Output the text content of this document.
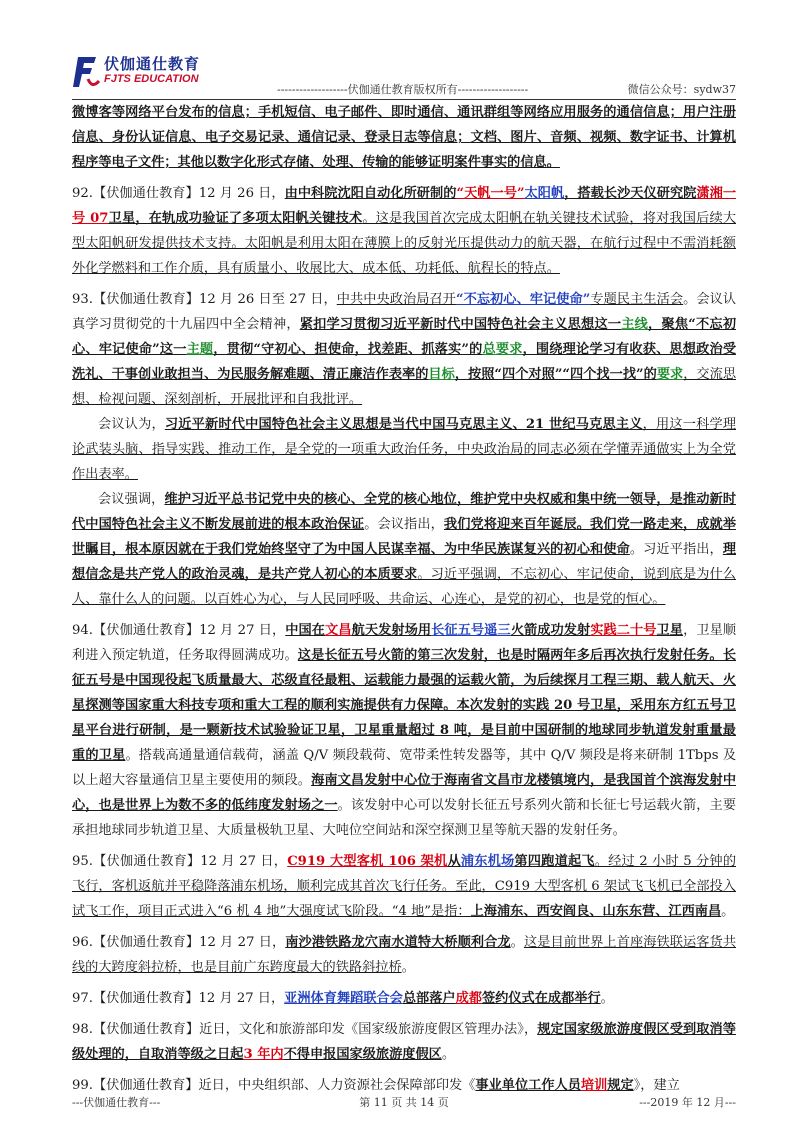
伏伽通仕教育
FJTS EDUCATION
-------------------伏伽通仕教育版权所有-------------------	微信公众号：sydw37

微博客等网络平台发布的信息；手机短信、电子邮件、即时通信、通讯群组等网络应用服务的通信信息；用户注册信息、身份认证信息、电子交易记录、通信记录、登录日志等信息；文档、图片、音频、视频、数字证书、计算机程序等电子文件；其他以数字化形式存储、处理、传输的能够证明案件事实的信息。

92.【伏伽通仕教育】12 月 26 日，由中科院沈阳自动化所研制的“天帆一号”太阳帆，搭载长沙天仪研究院潇湘一号 07卫星，在轨成功验证了多项太阳帆关键技术。这是我国首次完成太阳帆在轨关键技术试验，将对我国后续大型太阳帆研发提供技术支持。太阳帆是利用太阳在薄膜上的反射光压提供动力的航天器，在航行过程中不需消耗额外化学燃料和工作介质，具有质量小、收展比大、成本低、功耗低、航程长的特点。

93.【伏伽通仕教育】12 月 26 日至 27 日，中共中央政治局召开“不忘初心、牢记使命”专题民主生活会。会议认真学习贯彻党的十九届四中全会精神，紧扣学习贯彻习近平新时代中国特色社会主义思想这一主线，聚焦“不忘初心、牢记使命”这一主题，贯彻“守初心、担使命，找差距、抓落实”的总要求，围绕理论学习有收获、思想政治受洗礼、干事创业敢担当、为民服务解难题、清正廉洁作表率的目标，按照“四个对照”“四个找一找”的要求，交流思想、检视问题、深刻剖析，开展批评和自我批评。

会议认为，习近平新时代中国特色社会主义思想是当代中国马克思主义、21 世纪马克思主义，用这一科学理论武装头脑、指导实践、推动工作，是全党的一项重大政治任务，中央政治局的同志必须在学懂弄通做实上为全党作出表率。

会议强调，维护习近平总书记党中央的核心、全党的核心地位，维护党中央权威和集中统一领导，是推动新时代中国特色社会主义不断发展前进的根本政治保证。会议指出，我们党将迎来百年诞辰。我们党一路走来，成就举世瞩目，根本原因就在于我们党始终坚守了为中国人民谋幸福、为中华民族谋复兴的初心和使命。习近平指出，理想信念是共产党人的政治灵魂，是共产党人初心的本质要求。习近平强调，不忘初心、牢记使命，说到底是为什么人、靠什么人的问题。以百姓心为心，与人民同呼吸、共命运、心连心，是党的初心，也是党的恒心。

94.【伏伽通仕教育】12 月 27 日，中国在文昌航天发射场用长征五号遥三火箭成功发射实践二十号卫星，卫星顺利进入预定轨道，任务取得圆满成功。这是长征五号火箭的第三次发射，也是时隔两年多后再次执行发射任务。长征五号是中国现役起飞质量最大、芯级直径最粗、运载能力最强的运载火箭，为后续探月工程三期、载人航天、火星探测等国家重大科技专项和重大工程的顺利实施提供有力保障。本次发射的实践 20 号卫星，采用东方红五号卫星平台进行研制，是一颗新技术试验验证卫星，卫星重量超过 8 吨，是目前中国研制的地球同步轨道发射重量最重的卫星。搭载高通量通信载荷，涵盖 Q/V 频段载荷、宽带柔性转发器等，其中 Q/V 频段是将来研制 1Tbps 及以上超大容量通信卫星主要使用的频段。海南文昌发射中心位于海南省文昌市龙楼镇境内，是我国首个滨海发射中心，也是世界上为数不多的低纬度发射场之一。该发射中心可以发射长征五号系列火箭和长征七号运载火箭，主要承担地球同步轨道卫星、大质量极轨卫星、大吨位空间站和深空探测卫星等航天器的发射任务。

95.【伏伽通仕教育】12 月 27 日，C919 大型客机 106 架机从浦东机场第四跑道起飞。经过 2 小时 5 分钟的飞行，客机返航并平稳降落浦东机场，顺利完成其首次飞行任务。至此，C919 大型客机 6 架试飞飞机已全部投入试飞工作，项目正式进入“6 机 4 地”大强度试飞阶段。“4 地”是指：上海浦东、西安阎良、山东东营、江西南昌。

96.【伏伽通仕教育】12 月 27 日，南沙港铁路龙穴南水道特大桥顺利合龙。这是目前世界上首座海铁联运客货共线的大跨度斜拉桥，也是目前广东跨度最大的铁路斜拉桥。

97.【伏伽通仕教育】12 月 27 日，亚洲体育舞蹈联合会总部落户成都签约仪式在成都举行。

98.【伏伽通仕教育】近日，文化和旅游部印发《国家级旅游度假区管理办法》，规定国家级旅游度假区受到取消等级处理的，自取消等级之日起3 年内不得申报国家级旅游度假区。

99.【伏伽通仕教育】近日，中央组织部、人力资源社会保障部印发《事业单位工作人员培训规定》，建立

---伏伽通仕教育---	第 11 页 共 14 页	---2019 年 12 月---
